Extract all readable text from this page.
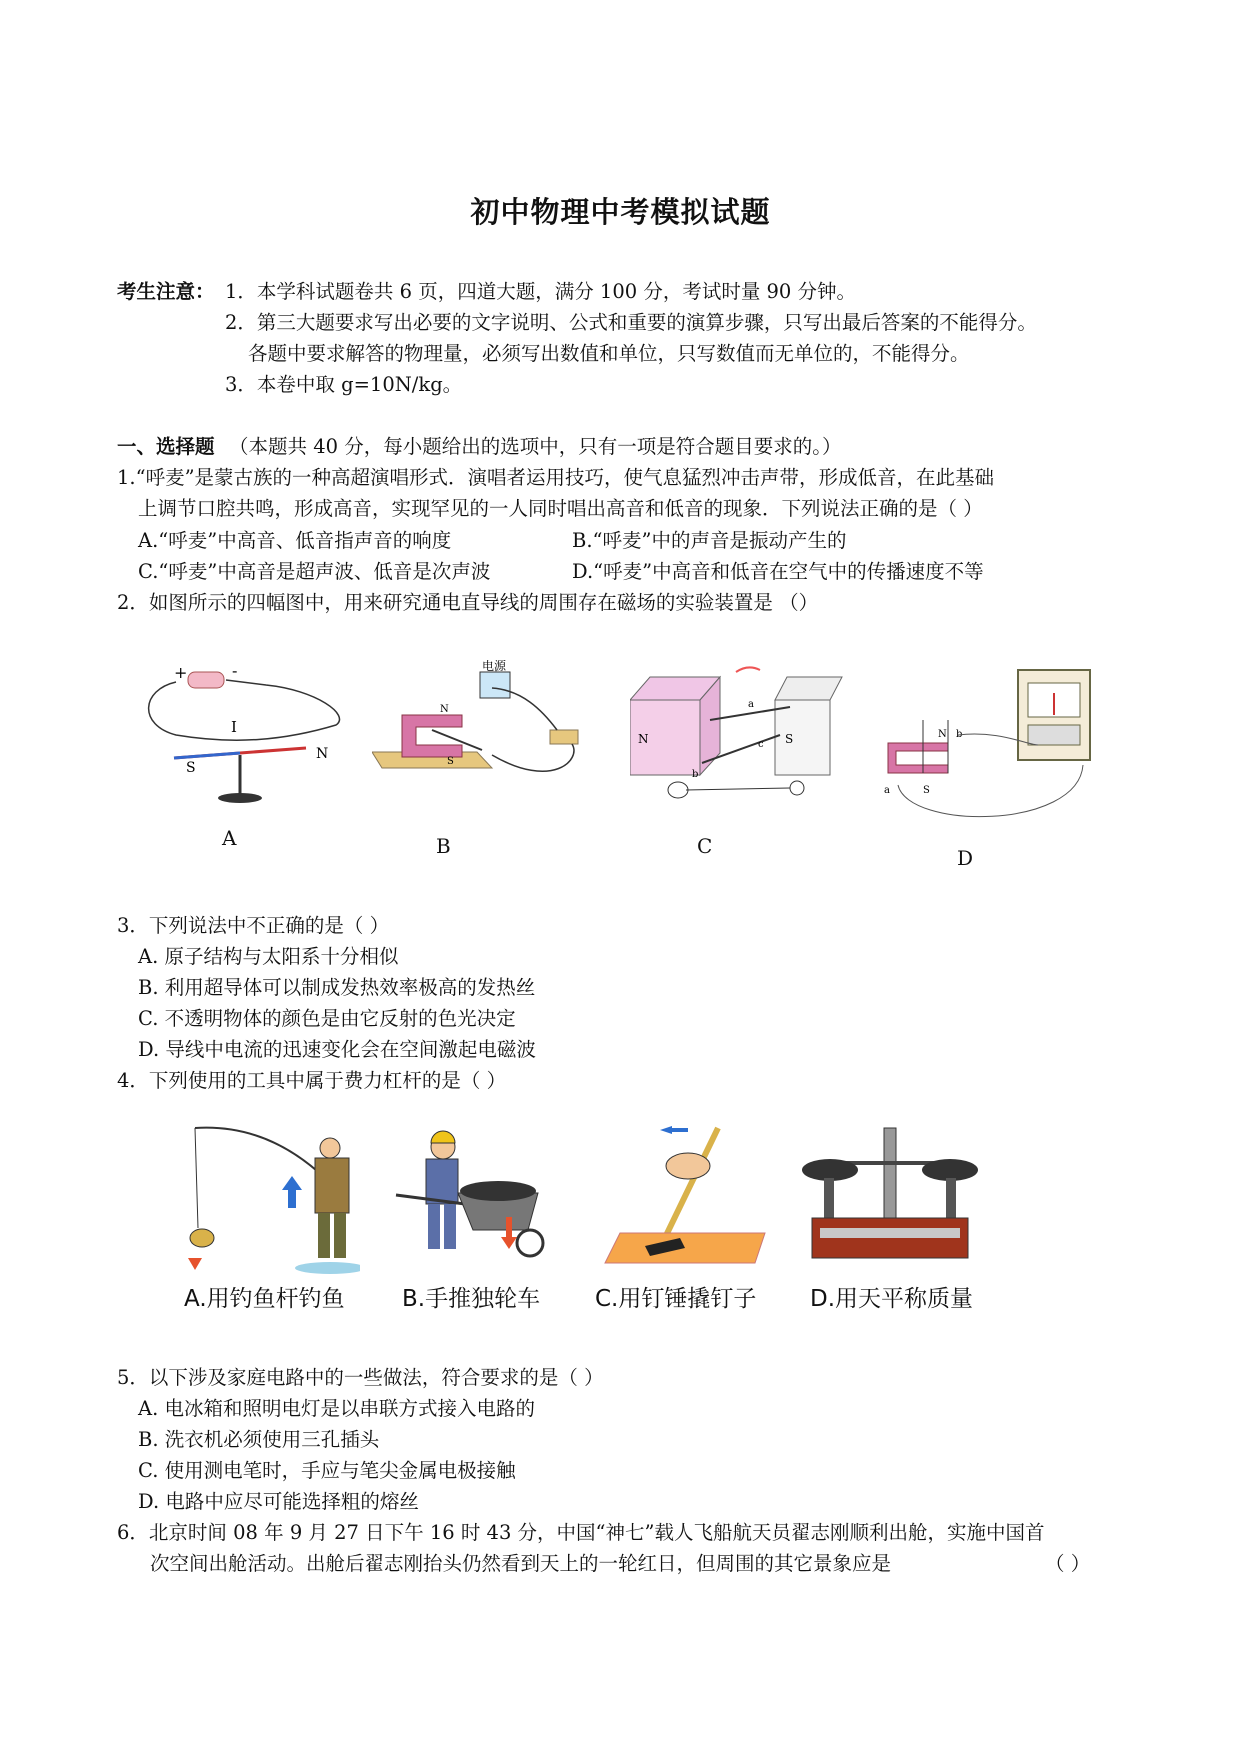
初中物理中考模拟试题
考生注意： 1．本学科试题卷共 6 页，四道大题，满分 100 分，考试时量 90 分钟。
2．第三大题要求写出必要的文字说明、公式和重要的演算步骤，只写出最后答案的不能得分。
各题中要求解答的物理量，必须写出数值和单位，只写数值而无单位的，不能得分。
3．本卷中取 g=10N/kg。
一、选择题 （本题共 40 分，每小题给出的选项中，只有一项是符合题目要求的。）
1.“呼麦”是蒙古族的一种高超演唱形式．演唱者运用技巧，使气息猛烈冲击声带，形成低音，在此基础
上调节口腔共鸣，形成高音，实现罕见的一人同时唱出高音和低音的现象．下列说法正确的是（ ）
A.“呼麦”中高音、低音指声音的响度	B.“呼麦”中的声音是振动产生的
C.“呼麦”中高音是超声波、低音是次声波	D.“呼麦”中高音和低音在空气中的传播速度不等
2．如图所示的四幅图中，用来研究通电直导线的周围存在磁场的实验装置是 （）
+	-
I
S
N
A
电源
N
S
B
N	S
a
b
c
C
N
S
b
a
D
3．下列说法中不正确的是（ ）
A. 原子结构与太阳系十分相似
B. 利用超导体可以制成发热效率极高的发热丝
C. 不透明物体的颜色是由它反射的色光决定
D. 导线中电流的迅速变化会在空间激起电磁波
4．下列使用的工具中属于费力杠杆的是（ ）
A.用钓鱼杆钓鱼 B.手推独轮车 C.用钉锤撬钉子 D.用天平称质量
5．以下涉及家庭电路中的一些做法，符合要求的是（ ）
A. 电冰箱和照明电灯是以串联方式接入电路的
B. 洗衣机必须使用三孔插头
C. 使用测电笔时，手应与笔尖金属电极接触
D. 电路中应尽可能选择粗的熔丝
6．北京时间 08 年 9 月 27 日下午 16 时 43 分，中国“神七”载人飞船航天员翟志刚顺利出舱，实施中国首
次空间出舱活动。出舱后翟志刚抬头仍然看到天上的一轮红日，但周围的其它景象应是	（ ）
